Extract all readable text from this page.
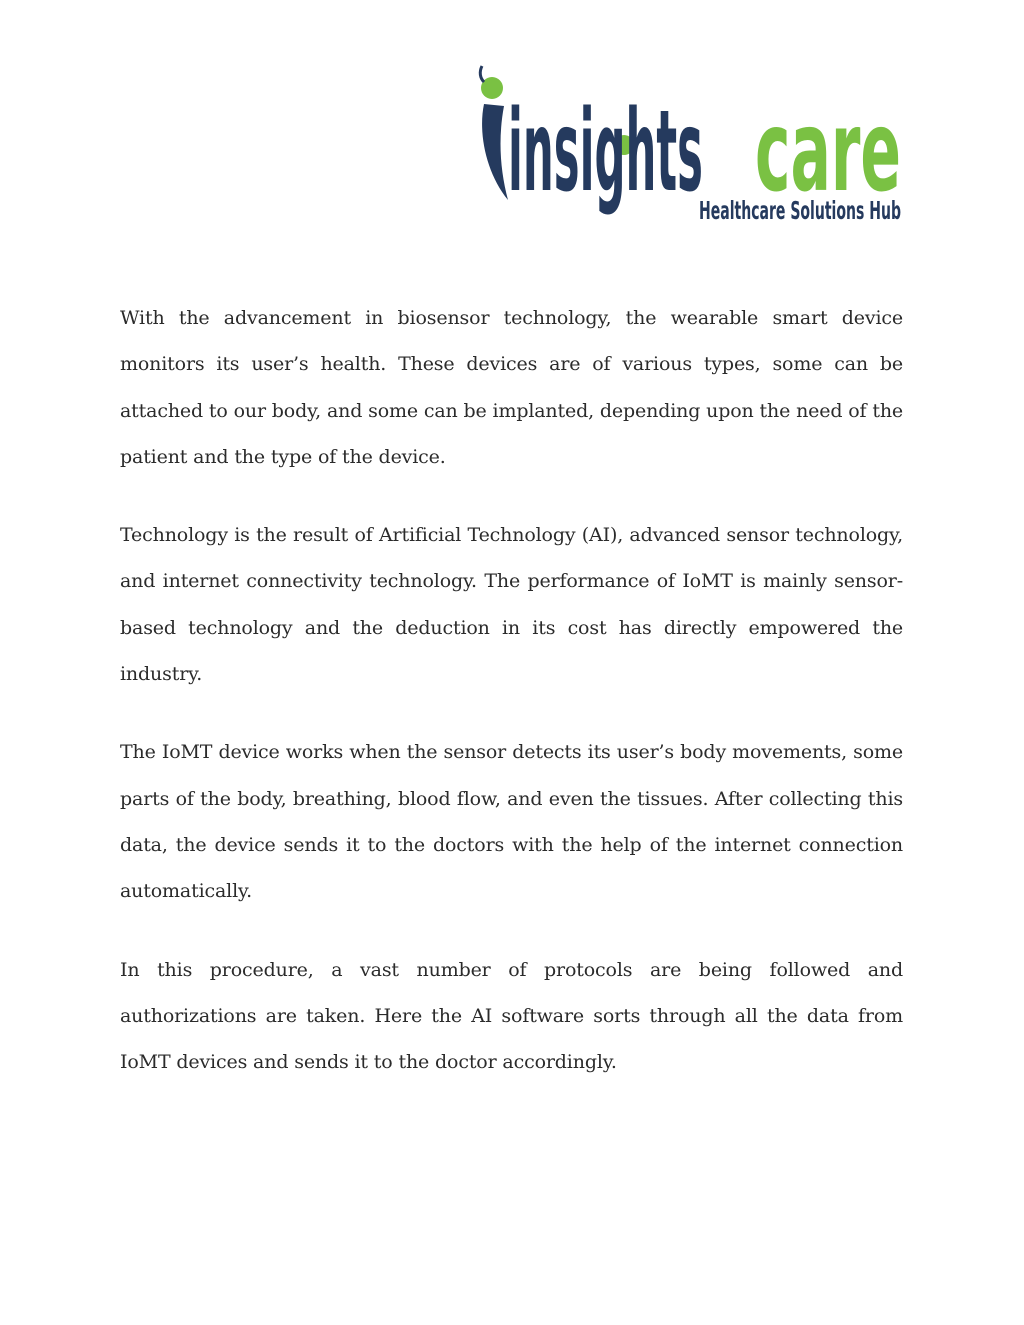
insights care
Healthcare Solutions Hub

With the advancement in biosensor technology, the wearable smart device monitors its user’s health. These devices are of various types, some can be attached to our body, and some can be implanted, depending upon the need of the patient and the type of the device.

Technology is the result of Artificial Technology (AI), advanced sensor technology, and internet connectivity technology. The performance of IoMT is mainly sensor-based technology and the deduction in its cost has directly empowered the industry.

The IoMT device works when the sensor detects its user’s body movements, some parts of the body, breathing, blood flow, and even the tissues. After collecting this data, the device sends it to the doctors with the help of the internet connection automatically.

In this procedure, a vast number of protocols are being followed and authorizations are taken. Here the AI software sorts through all the data from IoMT devices and sends it to the doctor accordingly.
